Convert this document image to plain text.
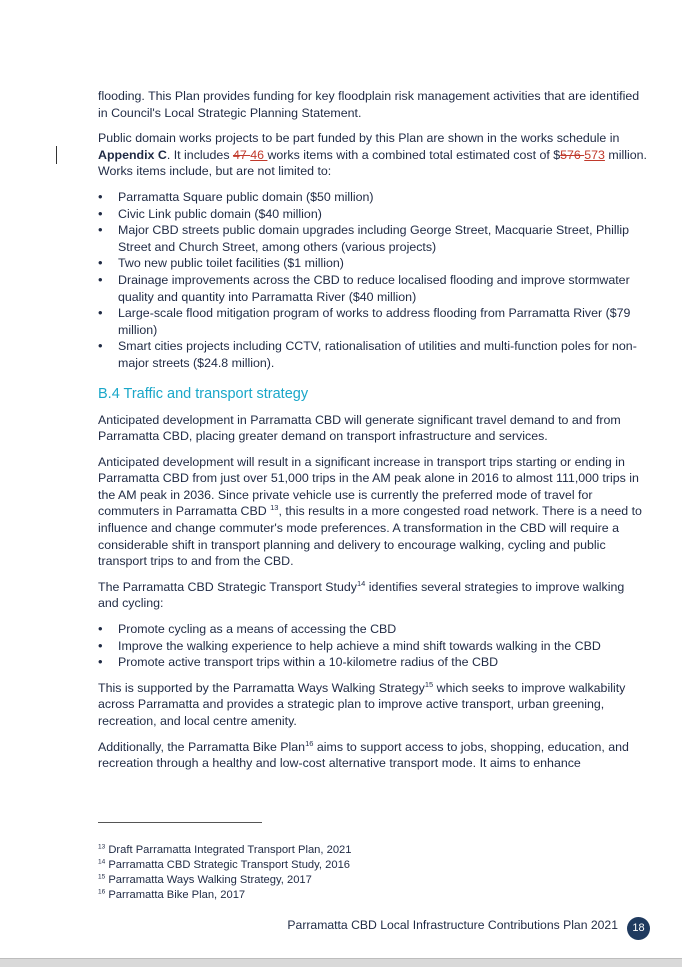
flooding. This Plan provides funding for key floodplain risk management activities that are identified in Council's Local Strategic Planning Statement.

Public domain works projects to be part funded by this Plan are shown in the works schedule in Appendix C. It includes 47 46 works items with a combined total estimated cost of $576 573 million. Works items include, but are not limited to:

• Parramatta Square public domain ($50 million)
• Civic Link public domain ($40 million)
• Major CBD streets public domain upgrades including George Street, Macquarie Street, Phillip Street and Church Street, among others (various projects)
• Two new public toilet facilities ($1 million)
• Drainage improvements across the CBD to reduce localised flooding and improve stormwater quality and quantity into Parramatta River ($40 million)
• Large-scale flood mitigation program of works to address flooding from Parramatta River ($79 million)
• Smart cities projects including CCTV, rationalisation of utilities and multi-function poles for non-major streets ($24.8 million).
B.4 Traffic and transport strategy

Anticipated development in Parramatta CBD will generate significant travel demand to and from Parramatta CBD, placing greater demand on transport infrastructure and services.

Anticipated development will result in a significant increase in transport trips starting or ending in Parramatta CBD from just over 51,000 trips in the AM peak alone in 2016 to almost 111,000 trips in the AM peak in 2036. Since private vehicle use is currently the preferred mode of travel for commuters in Parramatta CBD $^{13}$, this results in a more congested road network. There is a need to influence and change commuter's mode preferences. A transformation in the CBD will require a considerable shift in transport planning and delivery to encourage walking, cycling and public transport trips to and from the CBD.

The Parramatta CBD Strategic Transport Study$^{14}$ identifies several strategies to improve walking and cycling:

• Promote cycling as a means of accessing the CBD
• Improve the walking experience to help achieve a mind shift towards walking in the CBD
• Promote active transport trips within a 10-kilometre radius of the CBD

This is supported by the Parramatta Ways Walking Strategy$^{15}$ which seeks to improve walkability across Parramatta and provides a strategic plan to improve active transport, urban greening, recreation, and local centre amenity.

Additionally, the Parramatta Bike Plan$^{16}$ aims to support access to jobs, shopping, education, and recreation through a healthy and low-cost alternative transport mode. It aims to enhance

$^{13}$ Draft Parramatta Integrated Transport Plan, 2021
$^{14}$ Parramatta CBD Strategic Transport Study, 2016
$^{15}$ Parramatta Ways Walking Strategy, 2017
$^{16}$ Parramatta Bike Plan, 2017
Parramatta CBD Local Infrastructure Contributions Plan 2021	18
